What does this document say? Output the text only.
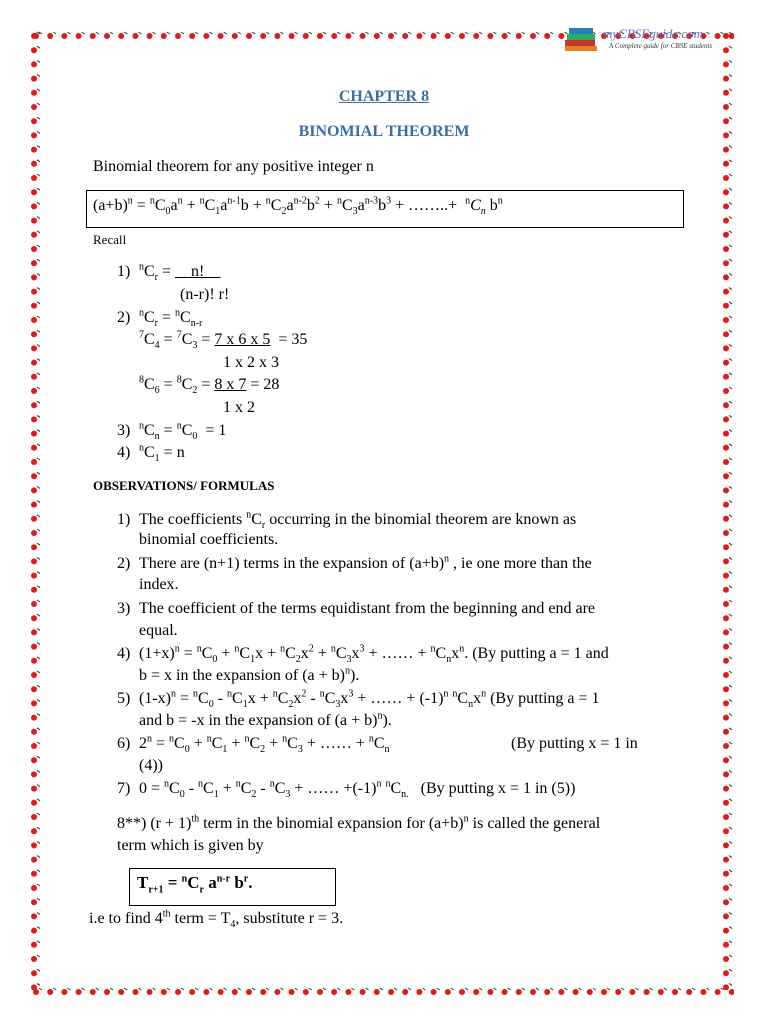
myCBSEguide.com
A Complete guide for CBSE students
CHAPTER 8
BINOMIAL THEOREM
Binomial theorem for any positive integer n
$(a+b)^n = ^nC_0a^n + ^nC_1a^{n-1}b + ^nC_2a^{n-2}b^2 + ^nC_3a^{n-3}b^3$ + ……..+  $^nC_n$ $b^n$
Recall
1) $^nC_r$ = __n!__
(n-r)! r!
2) $^nC_r = ^nC_{n-r}$
$^7C_4 = ^7C_3 = 7$ x 6 x 5 = 35
1 x 2 x 3
$^8C_6 = ^8C_2 = 8$ x 7 = 28
1 x 2
3) $^nC_n = ^nC_0 = 1$
4) $^nC_1 = n$
OBSERVATIONS/ FORMULAS
1) The coefficients $^nC_r$ occurring in the binomial theorem are known as
binomial coefficients.
2) There are (n+1) terms in the expansion of $(a+b)^n$ , ie one more than the
index.
3) The coefficient of the terms equidistant from the beginning and end are
equal.
4) $(1+x)^n = ^nC_0 + ^nC_1x + ^nC_2x^2 + ^nC_3x^3$ + …… + $^nC_nx^n$. (By putting a = 1 and
b = x in the expansion of $(a + b)^n$).
5) $(1-x)^n = ^nC_0 - ^nC_1x + ^nC_2x^2 - ^nC_3x^3$ + …… + $(-1)^n$ $^nC_nx^n$ (By putting a = 1
and b = -x in the expansion of $(a + b)^n$).
6) $2^n = ^nC_0 + ^nC_1 + ^nC_2 + ^nC_3$ + …… + $^nC_n$	(By putting x = 1 in
(4))
7) $0 = ^nC_0 - ^nC_1 + ^nC_2 - ^nC_3$ + …… $+(-1)^n$ $^nC_{n.}$   (By putting x = 1 in (5))
8**) $(r + 1)^{th}$ term in the binomial expansion for $(a+b)^n$ is called the general
term which is given by
$T_{r+1} = ^nC_r$ $a^{n-r}$ $b^r$.
i.e to find 4th term = $T_4$, substitute r = 3.
